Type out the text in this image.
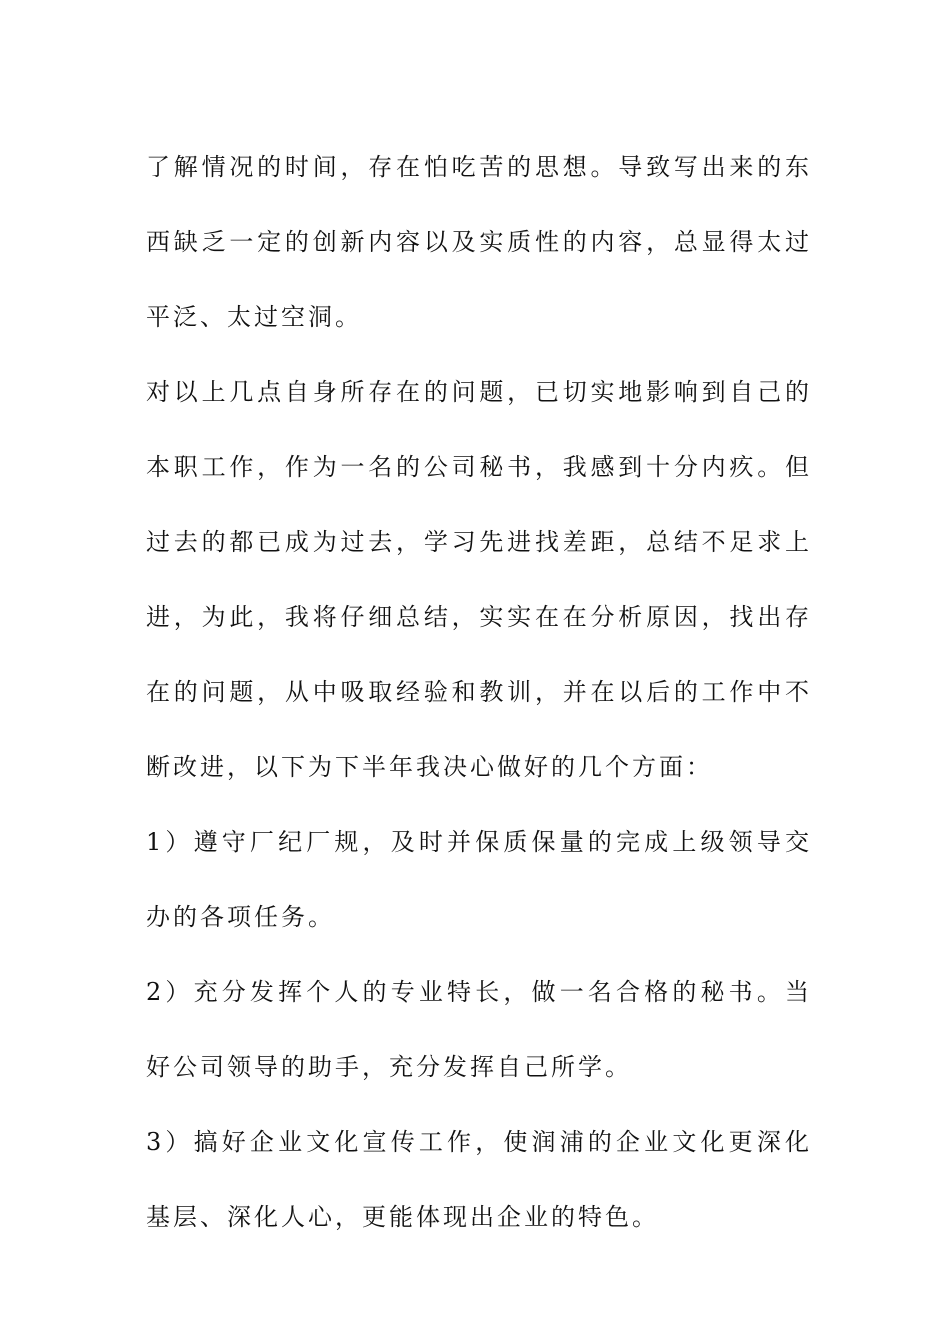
了解情况的时间，存在怕吃苦的思想。导致写出来的东西缺乏一定的创新内容以及实质性的内容，总显得太过平泛、太过空洞。

对以上几点自身所存在的问题，已切实地影响到自己的本职工作，作为一名的公司秘书，我感到十分内疚。但过去的都已成为过去，学习先进找差距，总结不足求上进，为此，我将仔细总结，实实在在分析原因，找出存在的问题，从中吸取经验和教训，并在以后的工作中不断改进，以下为下半年我决心做好的几个方面：

1）遵守厂纪厂规，及时并保质保量的完成上级领导交办的各项任务。

2）充分发挥个人的专业特长，做一名合格的秘书。当好公司领导的助手，充分发挥自己所学。

3）搞好企业文化宣传工作，使润浦的企业文化更深化基层、深化人心，更能体现出企业的特色。
